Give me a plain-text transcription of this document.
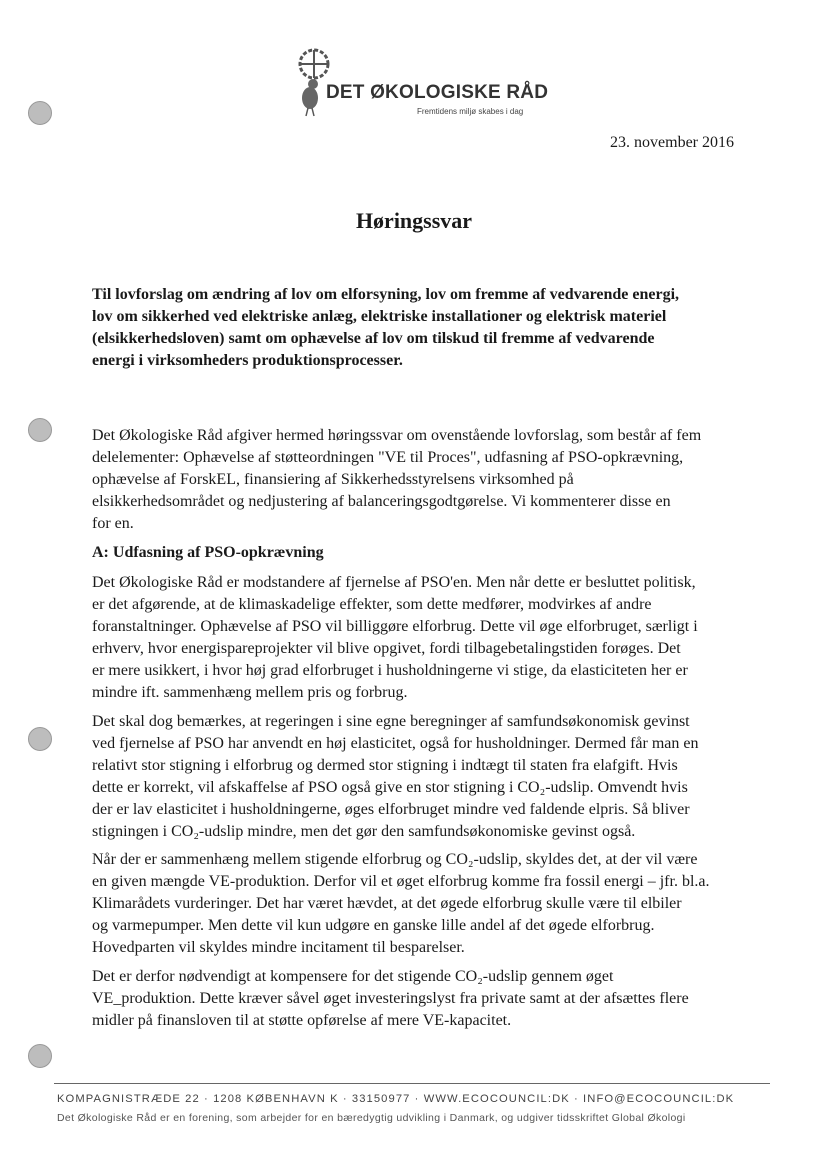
DET ØKOLOGISKE RÅD
Fremtidens miljø skabes i dag
23. november 2016
Høringssvar
Til lovforslag om ændring af lov om elforsyning, lov om fremme af vedvarende energi,
lov om sikkerhed ved elektriske anlæg, elektriske installationer og elektrisk materiel
(elsikkerhedsloven) samt om ophævelse af lov om tilskud til fremme af vedvarende
energi i virksomheders produktionsprocesser.
Det Økologiske Råd afgiver hermed høringssvar om ovenstående lovforslag, som består af fem
delelementer: Ophævelse af støtteordningen "VE til Proces", udfasning af PSO-opkrævning,
ophævelse af ForskEL, finansiering af Sikkerhedsstyrelsens virksomhed på
elsikkerhedsområdet og nedjustering af balanceringsgodtgørelse. Vi kommenterer disse en
for en.
A: Udfasning af PSO-opkrævning
Det Økologiske Råd er modstandere af fjernelse af PSO'en. Men når dette er besluttet politisk,
er det afgørende, at de klimaskadelige effekter, som dette medfører, modvirkes af andre
foranstaltninger. Ophævelse af PSO vil billiggøre elforbrug. Dette vil øge elforbruget, særligt i
erhverv, hvor energispareprojekter vil blive opgivet, fordi tilbagebetalingstiden forøges. Det
er mere usikkert, i hvor høj grad elforbruget i husholdningerne vi stige, da elasticiteten her er
mindre ift. sammenhæng mellem pris og forbrug.
Det skal dog bemærkes, at regeringen i sine egne beregninger af samfundsøkonomisk gevinst
ved fjernelse af PSO har anvendt en høj elasticitet, også for husholdninger. Dermed får man en
relativt stor stigning i elforbrug og dermed stor stigning i indtægt til staten fra elafgift. Hvis
dette er korrekt, vil afskaffelse af PSO også give en stor stigning i CO₂-udslip. Omvendt hvis
der er lav elasticitet i husholdningerne, øges elforbruget mindre ved faldende elpris. Så bliver
stigningen i CO₂-udslip mindre, men det gør den samfundsøkonomiske gevinst også.
Når der er sammenhæng mellem stigende elforbrug og CO₂-udslip, skyldes det, at der vil være
en given mængde VE-produktion. Derfor vil et øget elforbrug komme fra fossil energi – jfr. bl.a.
Klimarådets vurderinger. Det har været hævdet, at det øgede elforbrug skulle være til elbiler
og varmepumper. Men dette vil kun udgøre en ganske lille andel af det øgede elforbrug.
Hovedparten vil skyldes mindre incitament til besparelser.
Det er derfor nødvendigt at kompensere for det stigende CO₂-udslip gennem øget
VE_produktion. Dette kræver såvel øget investeringslyst fra private samt at der afsættes flere
midler på finansloven til at støtte opførelse af mere VE-kapacitet.
KOMPAGNISTRÆDE 22 · 1208 KØBENHAVN K · 33150977 · WWW.ECOCOUNCIL:DK · INFO@ECOCOUNCIL:DK
Det Økologiske Råd er en forening, som arbejder for en bæredygtig udvikling i Danmark, og udgiver tidsskriftet Global Økologi
